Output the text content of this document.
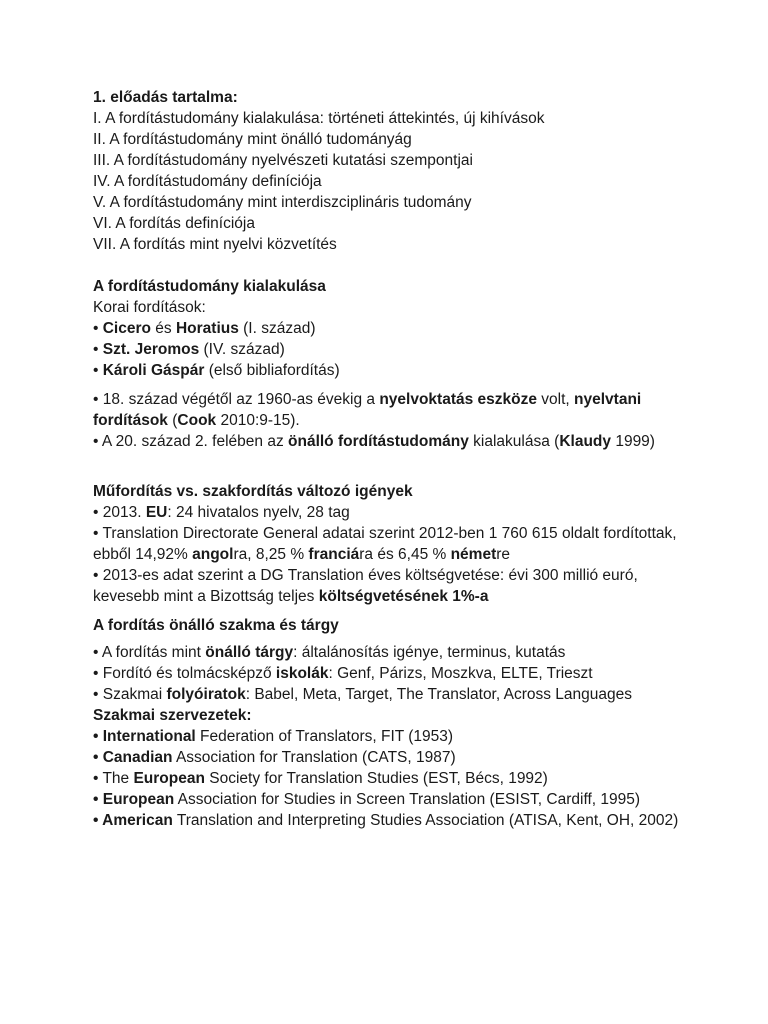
1. előadás tartalma:
I. A fordítástudomány kialakulása: történeti áttekintés, új kihívások
II. A fordítástudomány mint önálló tudományág
III. A fordítástudomány nyelvészeti kutatási szempontjai
IV. A fordítástudomány definíciója
V. A fordítástudomány mint interdiszciplináris tudomány
VI. A fordítás definíciója
VII. A fordítás mint nyelvi közvetítés
A fordítástudomány kialakulása
Korai fordítások:
• Cicero és Horatius (I. század)
• Szt. Jeromos (IV. század)
• Károli Gáspár (első bibliafordítás)
• 18. század végétől az 1960-as évekig a nyelvoktatás eszköze volt, nyelvtani fordítások (Cook 2010:9-15).
• A 20. század 2. felében az önálló fordítástudomány kialakulása (Klaudy 1999)
Műfordítás vs. szakfordítás változó igények
• 2013. EU: 24 hivatalos nyelv, 28 tag
• Translation Directorate General adatai szerint 2012-ben 1 760 615 oldalt fordítottak, ebből 14,92% angolra, 8,25 % franciára és 6,45 % németre
• 2013-es adat szerint a DG Translation éves költségvetése: évi 300 millió euró, kevesebb mint a Bizottság teljes költségvetésének 1%-a
A fordítás önálló szakma és tárgy
• A fordítás mint önálló tárgy: általánosítás igénye, terminus, kutatás
• Fordító és tolmácsképző iskolák: Genf, Párizs, Moszkva, ELTE, Trieszt
• Szakmai folyóiratok: Babel, Meta, Target, The Translator, Across Languages
Szakmai szervezetek:
• International Federation of Translators, FIT (1953)
• Canadian Association for Translation (CATS, 1987)
• The European Society for Translation Studies (EST, Bécs, 1992)
• European Association for Studies in Screen Translation (ESIST, Cardiff, 1995)
• American Translation and Interpreting Studies Association (ATISA, Kent, OH, 2002)
